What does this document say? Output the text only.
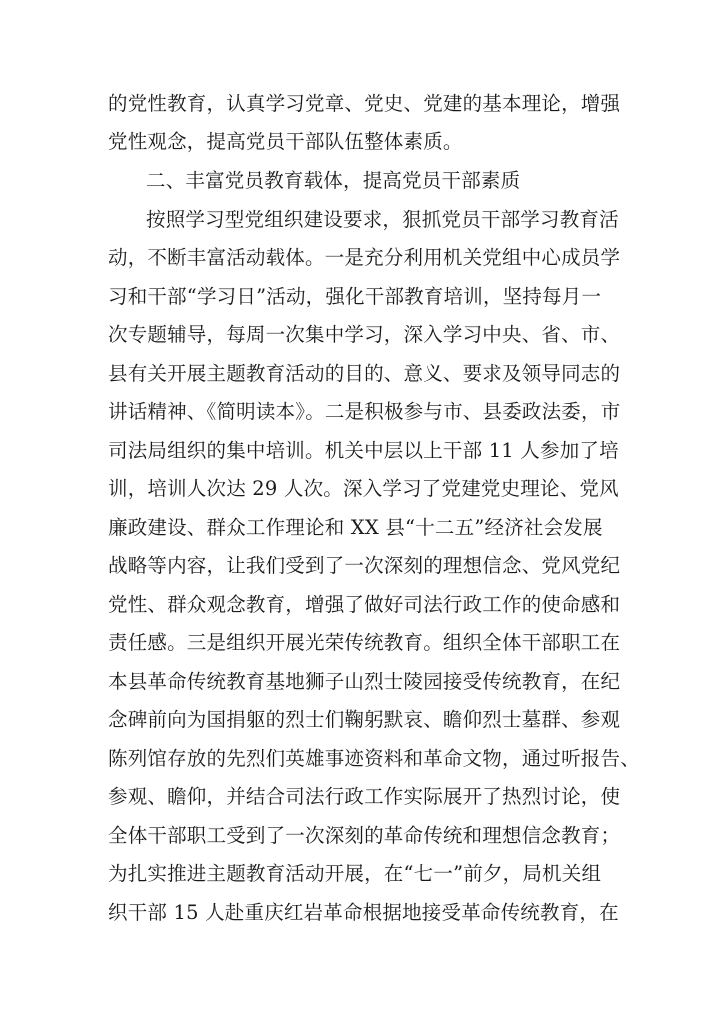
的党性教育，认真学习党章、党史、党建的基本理论，增强
党性观念，提高党员干部队伍整体素质。
二、丰富党员教育载体，提高党员干部素质
按照学习型党组织建设要求，狠抓党员干部学习教育活
动，不断丰富活动载体。一是充分利用机关党组中心成员学
习和干部“学习日”活动，强化干部教育培训，坚持每月一
次专题辅导，每周一次集中学习，深入学习中央、省、市、
县有关开展主题教育活动的目的、意义、要求及领导同志的
讲话精神、《简明读本》。二是积极参与市、县委政法委，市
司法局组织的集中培训。机关中层以上干部 11 人参加了培
训，培训人次达 29 人次。深入学习了党建党史理论、党风
廉政建设、群众工作理论和 XX 县“十二五”经济社会发展
战略等内容，让我们受到了一次深刻的理想信念、党风党纪
党性、群众观念教育，增强了做好司法行政工作的使命感和
责任感。三是组织开展光荣传统教育。组织全体干部职工在
本县革命传统教育基地狮子山烈士陵园接受传统教育，在纪
念碑前向为国捐躯的烈士们鞠躬默哀、瞻仰烈士墓群、参观
陈列馆存放的先烈们英雄事迹资料和革命文物，通过听报告、
参观、瞻仰，并结合司法行政工作实际展开了热烈讨论，使
全体干部职工受到了一次深刻的革命传统和理想信念教育；
为扎实推进主题教育活动开展，在“七一”前夕，局机关组
织干部 15 人赴重庆红岩革命根据地接受革命传统教育，在
